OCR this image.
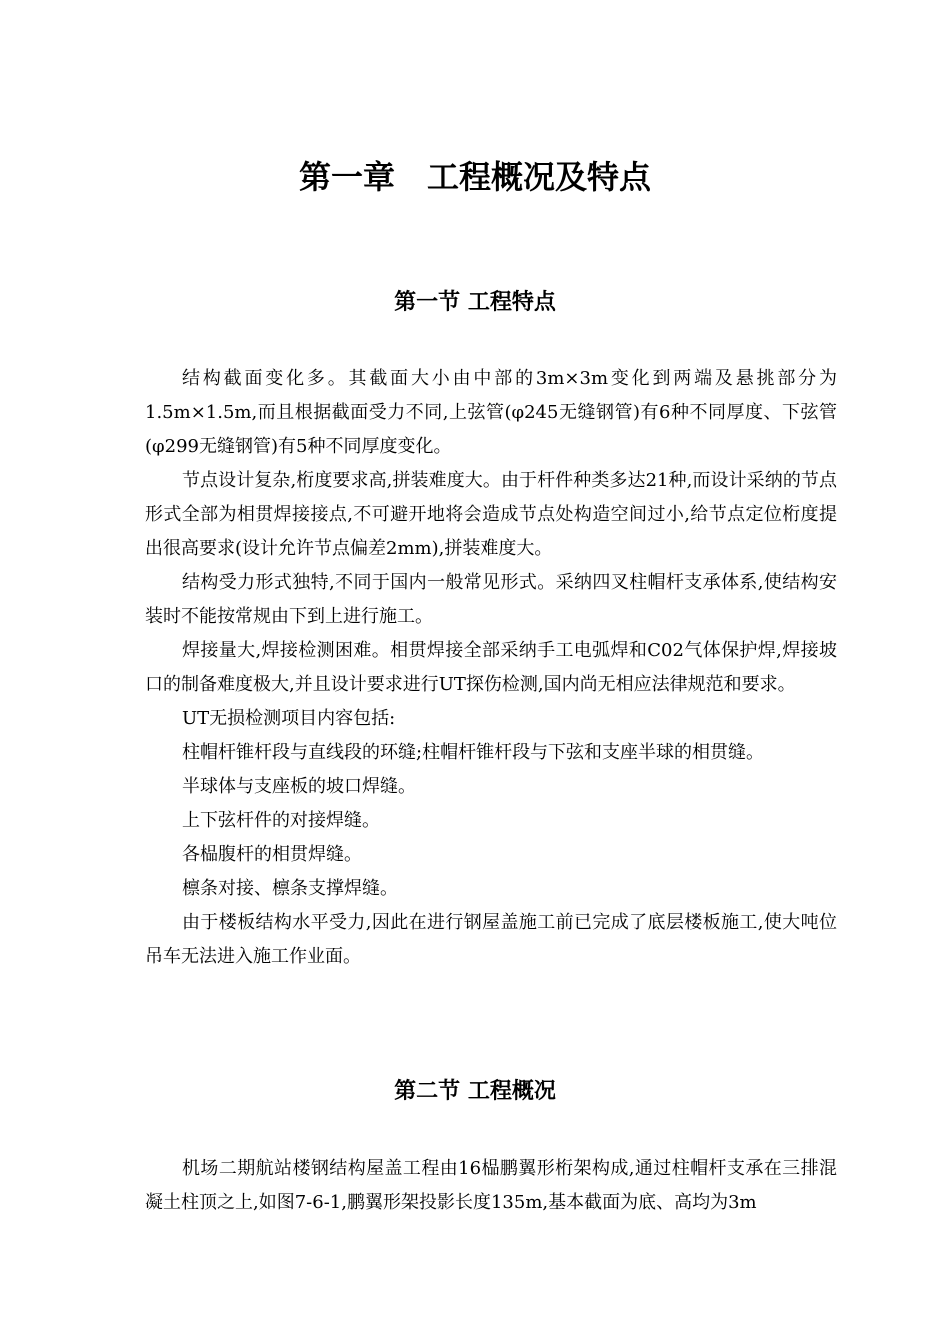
第一章　工程概况及特点
第一节 工程特点

结构截面变化多。其截面大小由中部的3m×3m变化到两端及悬挑部分为1.5m×1.5m,而且根据截面受力不同,上弦管(φ245无缝钢管)有6种不同厚度、下弦管(φ299无缝钢管)有5种不同厚度变化。

节点设计复杂,桁度要求高,拼装难度大。由于杆件种类多达21种,而设计采纳的节点形式全部为相贯焊接接点,不可避开地将会造成节点处构造空间过小,给节点定位桁度提出很高要求(设计允许节点偏差2mm),拼装难度大。

结构受力形式独特,不同于国内一般常见形式。采纳四叉柱帽杆支承体系,使结构安装时不能按常规由下到上进行施工。

焊接量大,焊接检测困难。相贯焊接全部采纳手工电弧焊和C02气体保护焊,焊接坡口的制备难度极大,并且设计要求进行UT探伤检测,国内尚无相应法律规范和要求。

UT无损检测项目内容包括:

柱帽杆锥杆段与直线段的环缝;柱帽杆锥杆段与下弦和支座半球的相贯缝。

半球体与支座板的坡口焊缝。

上下弦杆件的对接焊缝。

各榀腹杆的相贯焊缝。

檩条对接、檩条支撑焊缝。

由于楼板结构水平受力,因此在进行钢屋盖施工前已完成了底层楼板施工,使大吨位吊车无法进入施工作业面。

第二节 工程概况

机场二期航站楼钢结构屋盖工程由16榀鹏翼形桁架构成,通过柱帽杆支承在三排混凝土柱顶之上,如图7-6-1,鹏翼形架投影长度135m,基本截面为底、高均为3m
